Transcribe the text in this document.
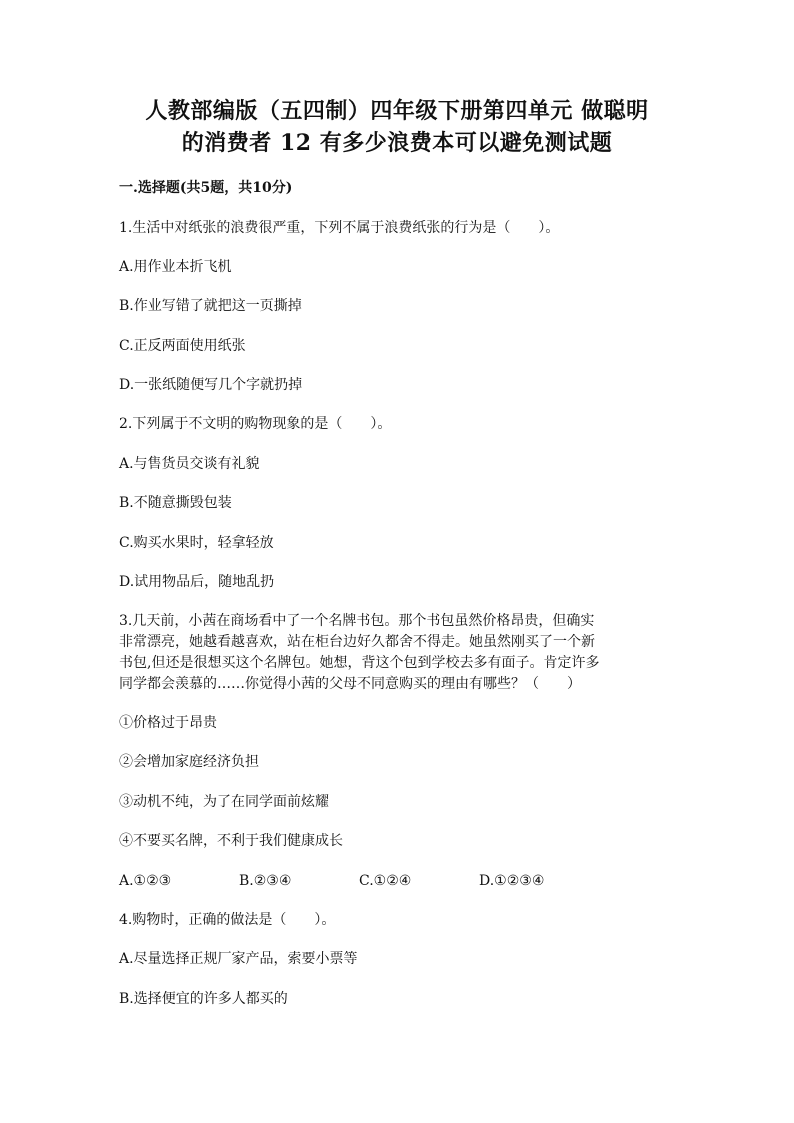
人教部编版（五四制）四年级下册第四单元 做聪明
的消费者 12 有多少浪费本可以避免测试题
一.选择题(共5题，共10分)
1.生活中对纸张的浪费很严重，下列不属于浪费纸张的行为是（　　）。
A.用作业本折飞机
B.作业写错了就把这一页撕掉
C.正反两面使用纸张
D.一张纸随便写几个字就扔掉
2.下列属于不文明的购物现象的是（　　）。
A.与售货员交谈有礼貌
B.不随意撕毁包装
C.购买水果时，轻拿轻放
D.试用物品后，随地乱扔
3.几天前，小茜在商场看中了一个名牌书包。那个书包虽然价格昂贵，但确实
非常漂亮，她越看越喜欢，站在柜台边好久都舍不得走。她虽然刚买了一个新
书包,但还是很想买这个名牌包。她想，背这个包到学校去多有面子。肯定许多
同学都会羡慕的……你觉得小茜的父母不同意购买的理由有哪些？（　　）
①价格过于昂贵
②会增加家庭经济负担
③动机不纯，为了在同学面前炫耀
④不要买名牌，不利于我们健康成长
A.①②③	B.②③④	C.①②④	D.①②③④
4.购物时，正确的做法是（　　）。
A.尽量选择正规厂家产品，索要小票等
B.选择便宜的许多人都买的
